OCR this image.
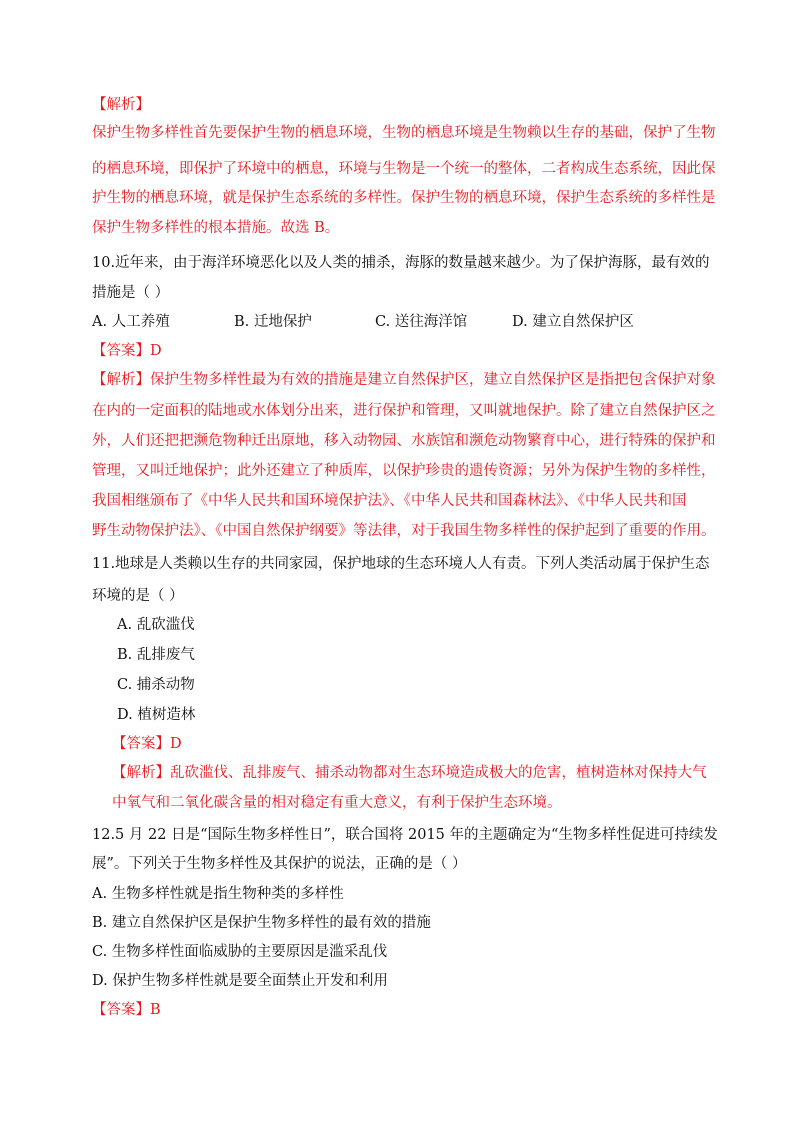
【解析】
保护生物多样性首先要保护生物的栖息环境，生物的栖息环境是生物赖以生存的基础，保护了生物
的栖息环境，即保护了环境中的栖息，环境与生物是一个统一的整体，二者构成生态系统，因此保
护生物的栖息环境，就是保护生态系统的多样性。保护生物的栖息环境，保护生态系统的多样性是
保护生物多样性的根本措施。故选 B。
10.近年来，由于海洋环境恶化以及人类的捕杀，海豚的数量越来越少。为了保护海豚，最有效的
措施是（ ）
A. 人工养殖	B. 迁地保护	C. 送往海洋馆	D. 建立自然保护区
【答案】D
【解析】保护生物多样性最为有效的措施是建立自然保护区，建立自然保护区是指把包含保护对象
在内的一定面积的陆地或水体划分出来，进行保护和管理，又叫就地保护。除了建立自然保护区之
外，人们还把把濒危物种迁出原地，移入动物园、水族馆和濒危动物繁育中心，进行特殊的保护和
管理，又叫迁地保护；此外还建立了种质库，以保护珍贵的遗传资源；另外为保护生物的多样性，
我国相继颁布了《中华人民共和国环境保护法》、《中华人民共和国森林法》、《中华人民共和国
野生动物保护法》、《中国自然保护纲要》等法律，对于我国生物多样性的保护起到了重要的作用。
11.地球是人类赖以生存的共同家园，保护地球的生态环境人人有责。下列人类活动属于保护生态
环境的是（ ）
A. 乱砍滥伐
B. 乱排废气
C. 捕杀动物
D. 植树造林
【答案】D
【解析】乱砍滥伐、乱排废气、捕杀动物都对生态环境造成极大的危害，植树造林对保持大气
中氧气和二氧化碳含量的相对稳定有重大意义，有利于保护生态环境。
12.5 月 22 日是“国际生物多样性日”，联合国将 2015 年的主题确定为“生物多样性促进可持续发
展”。下列关于生物多样性及其保护的说法，正确的是（ ）
A. 生物多样性就是指生物种类的多样性
B. 建立自然保护区是保护生物多样性的最有效的措施
C. 生物多样性面临威胁的主要原因是滥采乱伐
D. 保护生物多样性就是要全面禁止开发和利用
【答案】B
